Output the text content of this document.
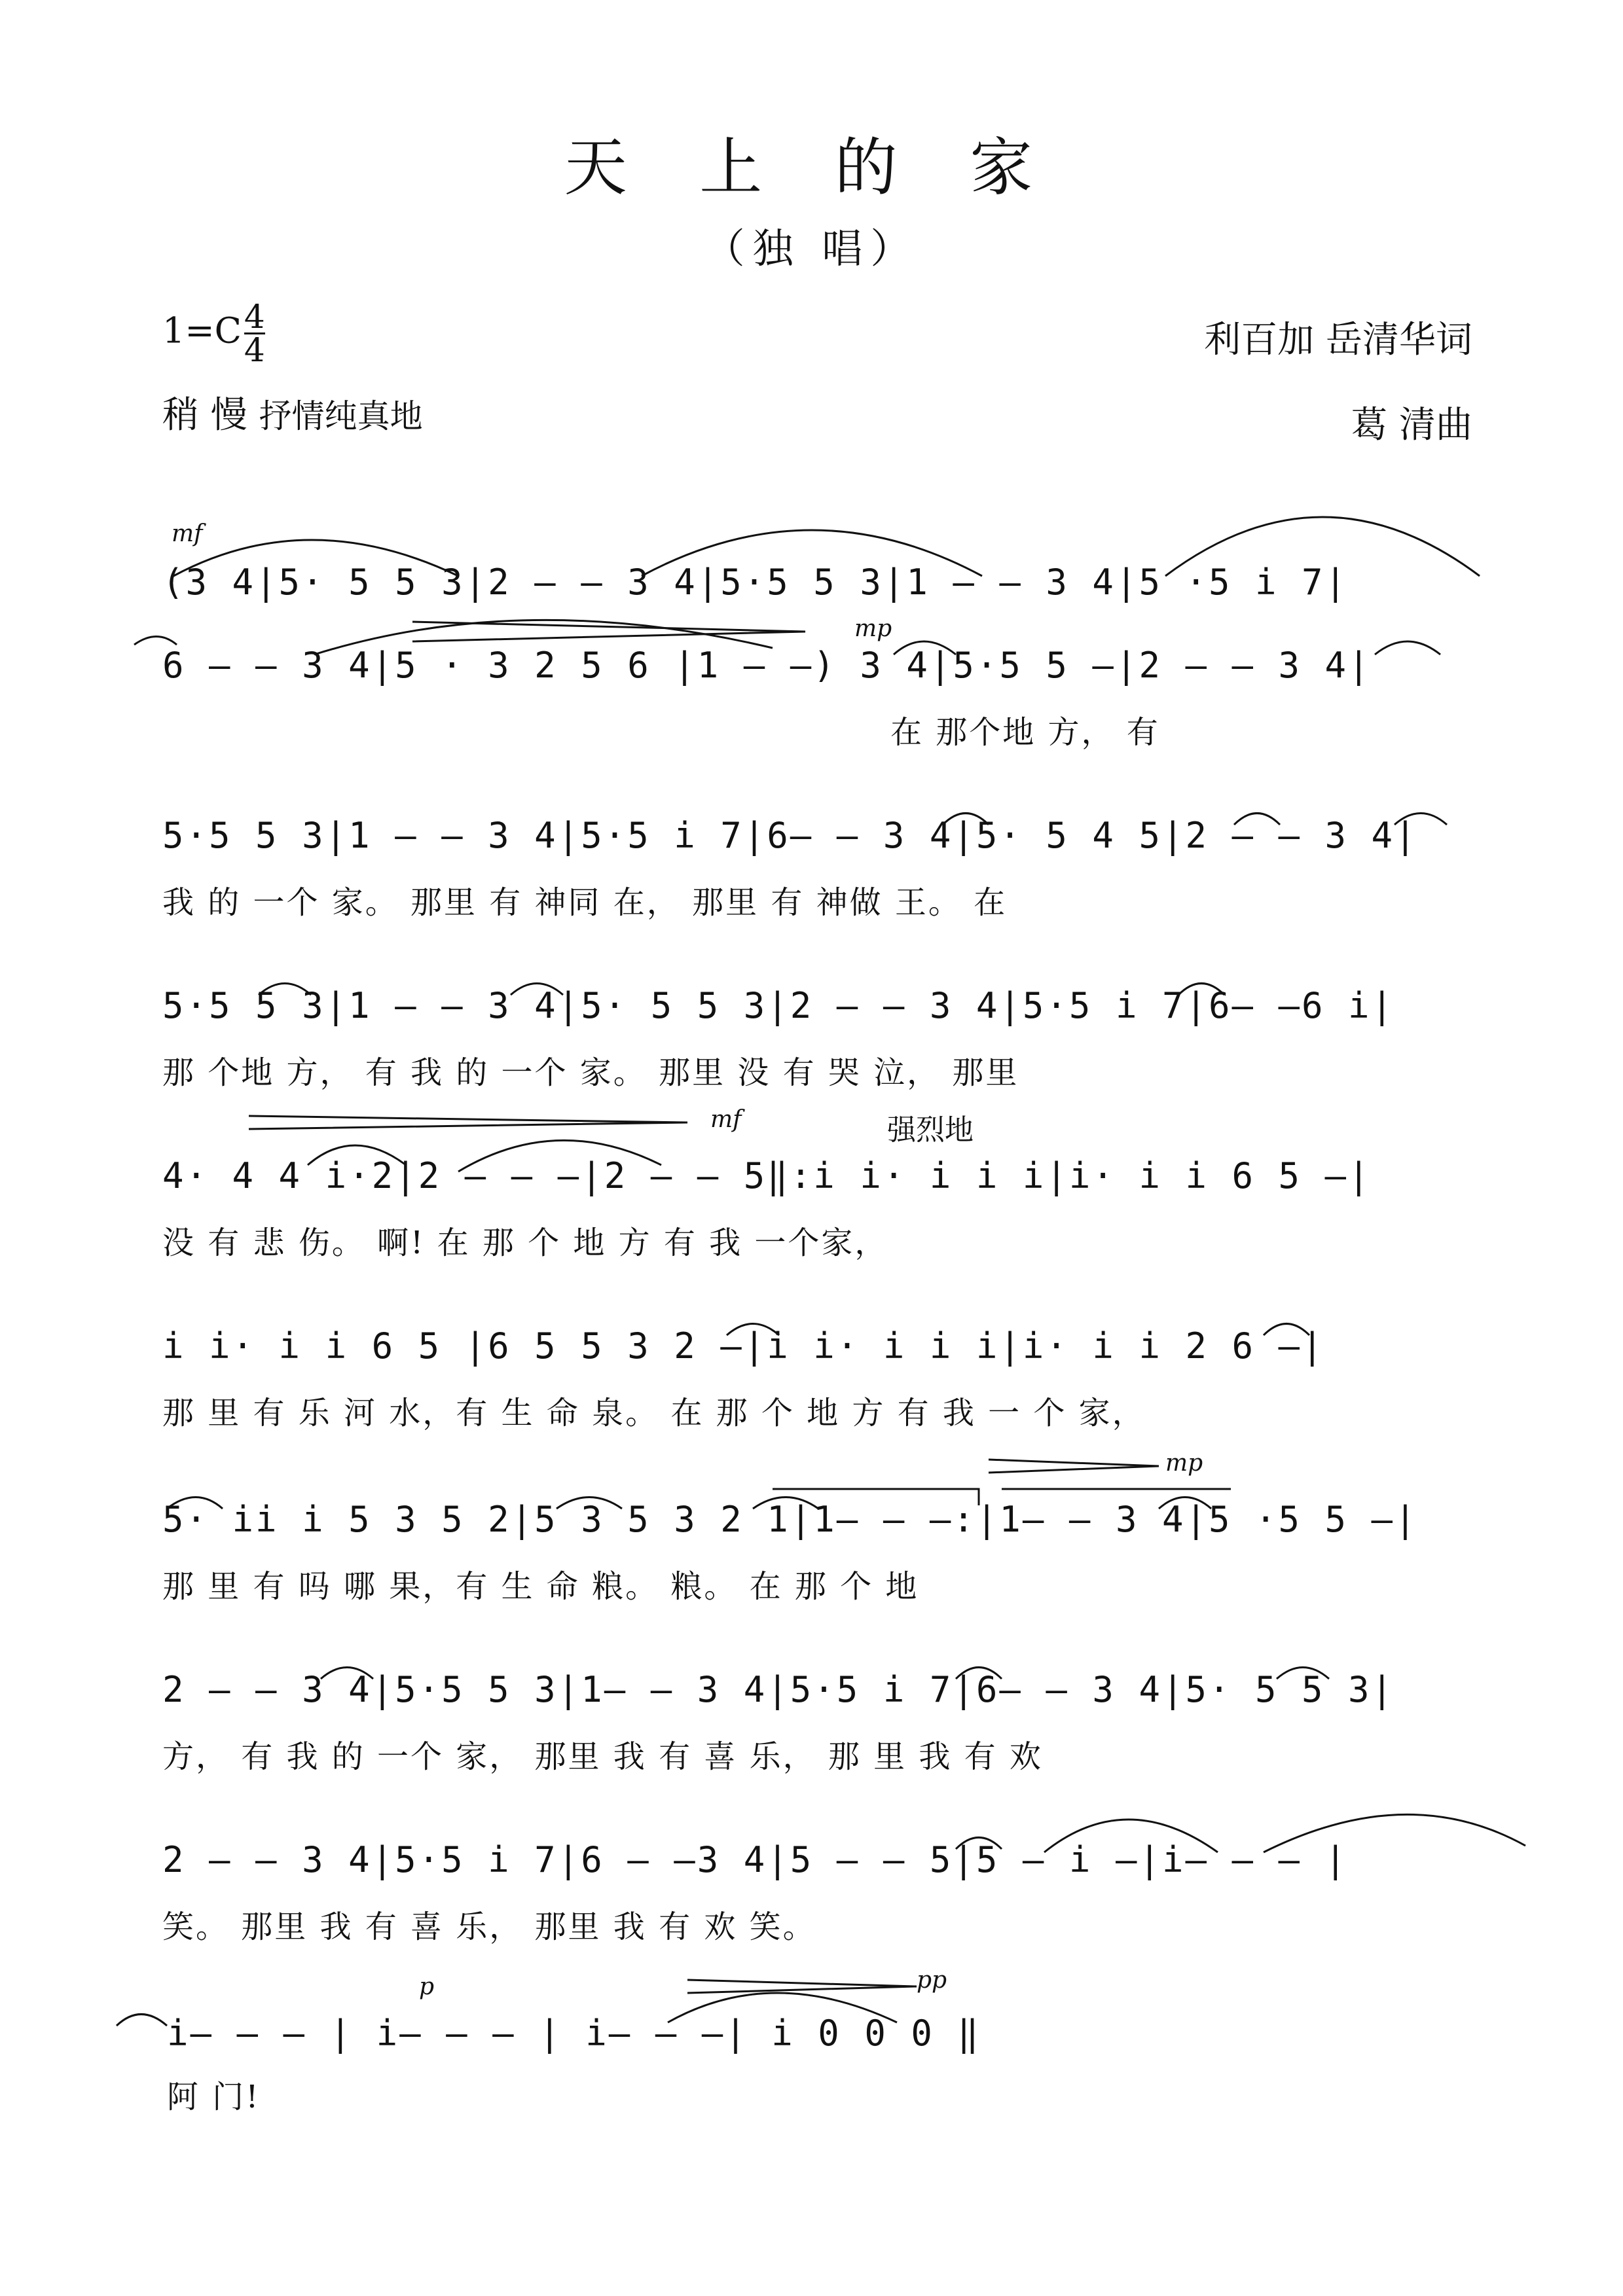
天 上 的 家
（独 唱）
$1=C \frac{4}{4}$	利百加 岳清华词
葛 清曲
稍 慢 抒情纯真地
mf
mp
mf	强烈地
mp
p	pp
(3 4|5· 5 5 3|2 — — 3 4|5·5 5 3|1 — — 3 4|5 ·5 i 7|
在 那个地 方， 有
6 — — 3 4|5 · 3 2 5 6 |1 — —) 3 4|5·5 5 —|2 — — 3 4|
5·5 5 3|1 — — 3 4|5·5 i 7|6— — 3 4|5· 5 4 5|2 — — 3 4|
我 的 一个 家。 那里 有 神同 在， 那里 有 神做 王。 在
5·5 5 3|1 — — 3 4|5· 5 5 3|2 — — 3 4|5·5 i 7|6— —6 i|
那 个地 方， 有 我 的 一个 家。 那里 没 有 哭 泣， 那里
4· 4 4 i·2|2 — — —|2 — — 5‖:i i· i i i|i· i i 6 5 —|
没 有 悲 伤。 啊! 在 那 个 地 方 有 我 一个家，
i i· i i 6 5 |6 5 5 3 2 —|i i· i i i|i· i i 2 6 —|
那 里 有 乐 河 水，有 生 命 泉。 在 那 个 地 方 有 我 一 个 家，
5· ii i 5 3 5 2|5 3 5 3 2 1|1— — —:|1— — 3 4|5 ·5 5 —|
那 里 有 吗 哪 果，有 生 命 粮。 粮。 在 那 个 地
2 — — 3 4|5·5 5 3|1— — 3 4|5·5 i 7|6— — 3 4|5· 5 5 3|
方， 有 我 的 一个 家， 那里 我 有 喜 乐， 那 里 我 有 欢
2 — — 3 4|5·5 i 7|6 — —3 4|5 — — 5|5 — i —|i— — — |
笑。 那里 我 有 喜 乐， 那里 我 有 欢 笑。
i— — — | i— — — | i— — —| i 0 0 0 ‖
阿 门!
